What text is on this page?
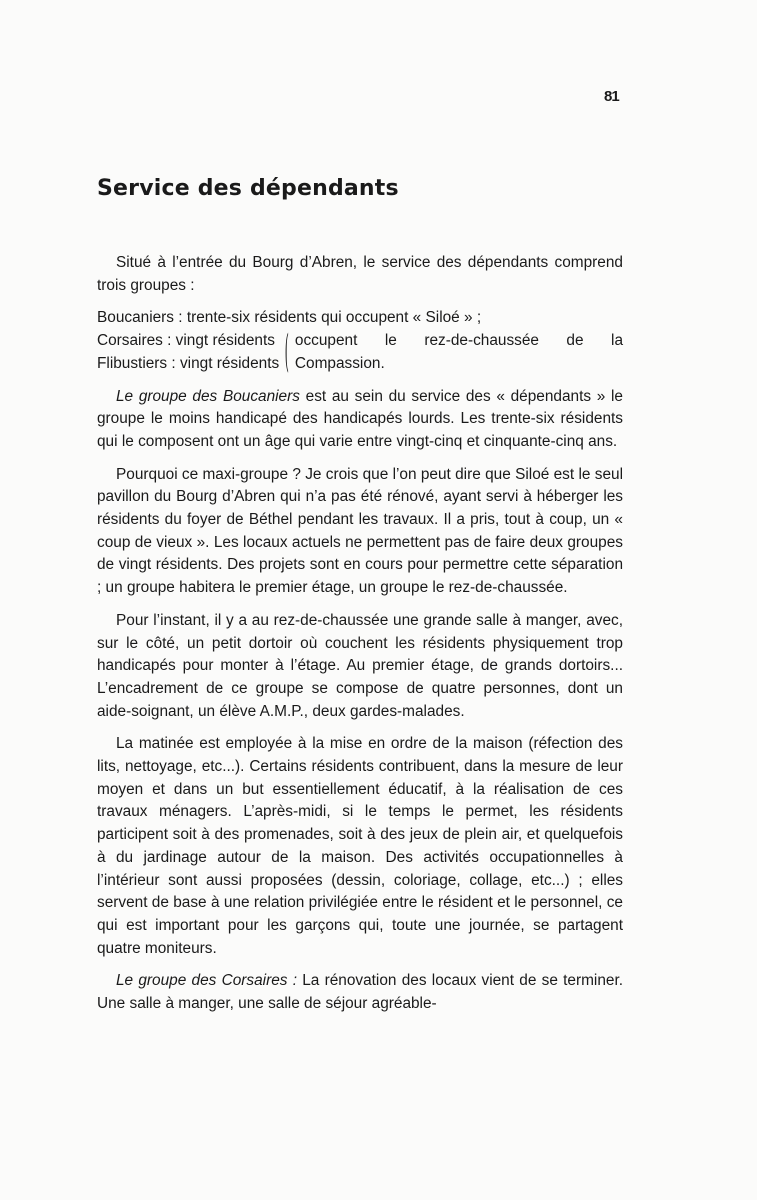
81
Service des dépendants

Situé à l’entrée du Bourg d’Abren, le service des dépendants comprend trois groupes :

Boucaniers : trente-six résidents qui occupent « Siloé » ;

Corsaires : vingt résidents
Flibustiers : vingt résidents ( occupent le rez-de-chaussée de la Compassion.

Le groupe des Boucaniers est au sein du service des « dépendants » le groupe le moins handicapé des handicapés lourds. Les trente-six résidents qui le composent ont un âge qui varie entre vingt-cinq et cinquante-cinq ans.

Pourquoi ce maxi-groupe ? Je crois que l’on peut dire que Siloé est le seul pavillon du Bourg d’Abren qui n’a pas été rénové, ayant servi à héberger les résidents du foyer de Béthel pendant les travaux. Il a pris, tout à coup, un « coup de vieux ». Les locaux actuels ne permettent pas de faire deux groupes de vingt résidents. Des projets sont en cours pour permettre cette séparation ; un groupe habitera le premier étage, un groupe le rez-de-chaussée.

Pour l’instant, il y a au rez-de-chaussée une grande salle à manger, avec, sur le côté, un petit dortoir où couchent les résidents physiquement trop handicapés pour monter à l’étage. Au premier étage, de grands dortoirs... L’encadrement de ce groupe se compose de quatre personnes, dont un aide-soignant, un élève A.M.P., deux gardes-malades.

La matinée est employée à la mise en ordre de la maison (réfection des lits, nettoyage, etc...). Certains résidents contribuent, dans la mesure de leur moyen et dans un but essentiellement éducatif, à la réalisation de ces travaux ménagers. L’après-midi, si le temps le permet, les résidents participent soit à des promenades, soit à des jeux de plein air, et quelquefois à du jardinage autour de la maison. Des activités occupationnelles à l’intérieur sont aussi proposées (dessin, coloriage, collage, etc...) ; elles servent de base à une relation privilégiée entre le résident et le personnel, ce qui est important pour les garçons qui, toute une journée, se partagent quatre moniteurs.

Le groupe des Corsaires : La rénovation des locaux vient de se terminer. Une salle à manger, une salle de séjour agréable-
